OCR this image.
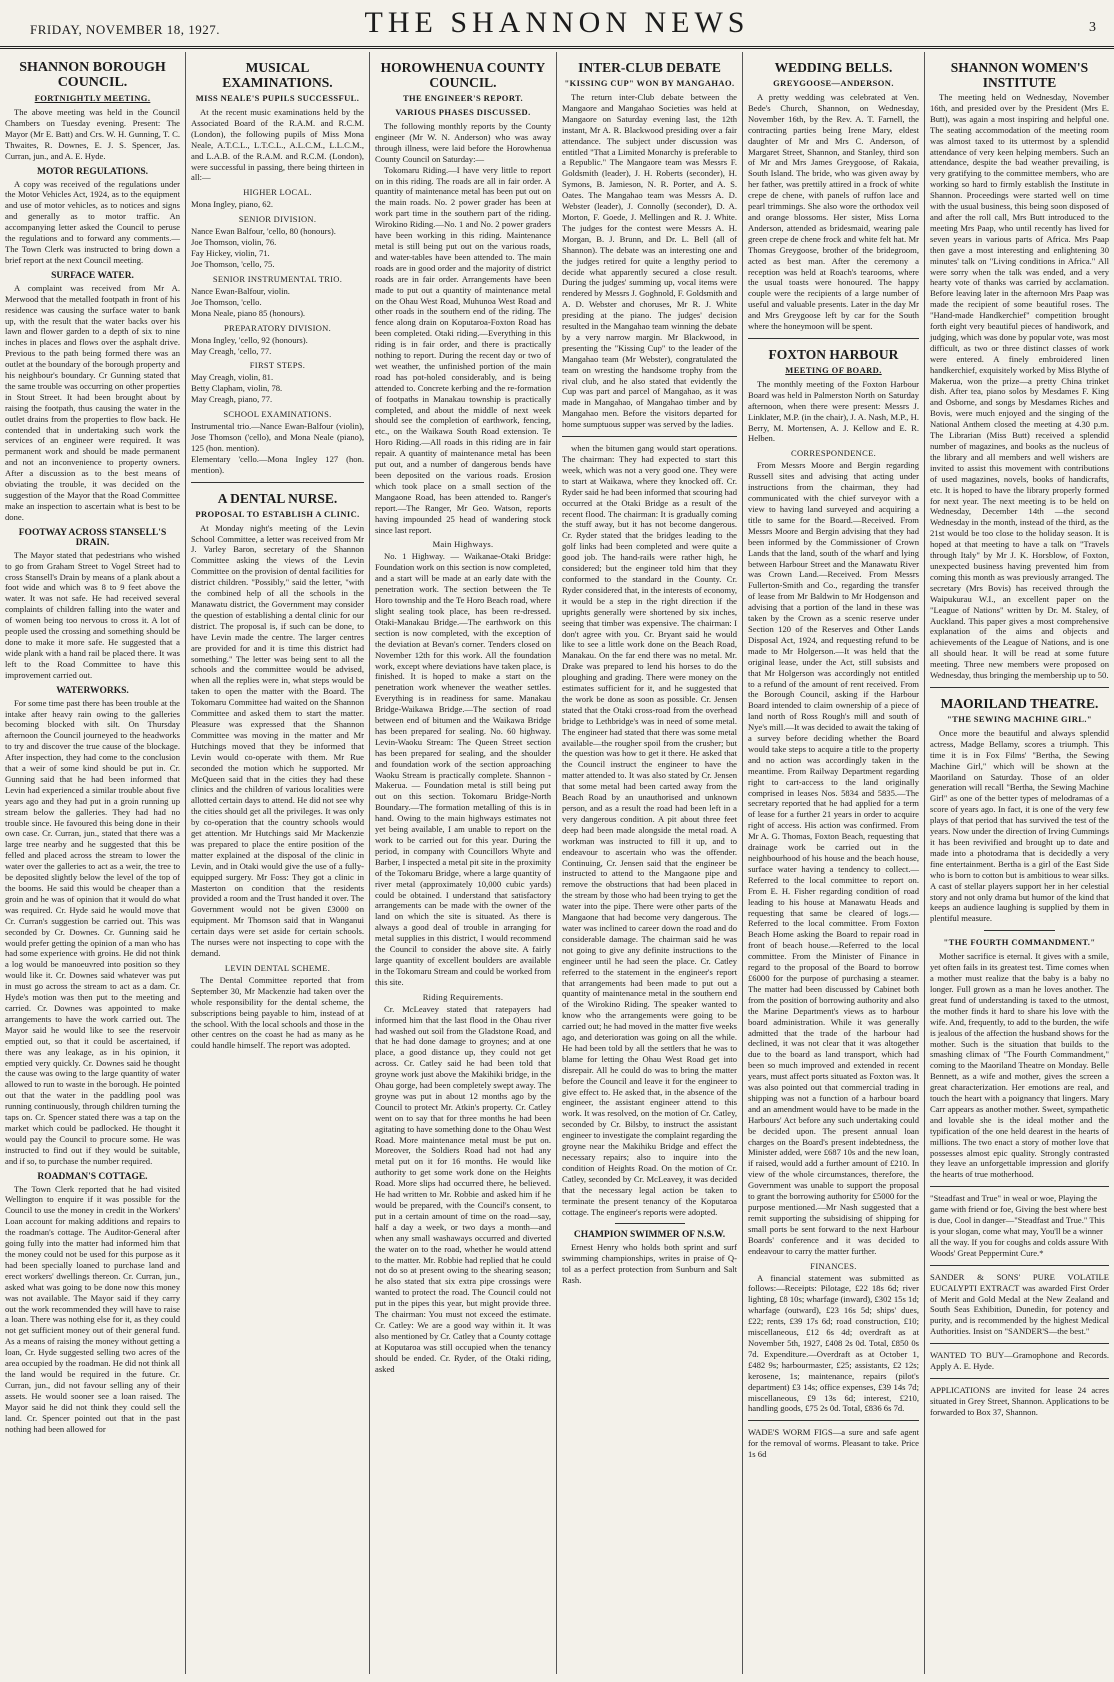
FRIDAY, NOVEMBER 18, 1927.	THE SHANNON NEWS	3
SHANNON BOROUGH COUNCIL.
FORTNIGHTLY MEETING.

The above meeting was held in the Council Chambers on Tuesday evening. Present: The Mayor (Mr E. Batt) and Crs. W. H. Gunning, T. C. Thwaites, R. Downes, E. J. S. Spencer, Jas. Curran, jun., and A. E. Hyde.

MOTOR REGULATIONS.

A copy was received of the regulations under the Motor Vehicles Act, 1924, as to the equipment and use of motor vehicles, as to notices and signs and generally as to motor traffic. An accompanying letter asked the Council to peruse the regulations and to forward any comments.—The Town Clerk was instructed to bring down a brief report at the next Council meeting.

SURFACE WATER.

A complaint was received from Mr A. Merwood that the metalled footpath in front of his residence was causing the surface water to bank up, with the result that the water backs over his lawn and flower garden to a depth of six to nine inches in places and flows over the asphalt drive. Previous to the path being formed there was an outlet at the boundary of the borough property and his neighbour's boundary. Cr Gunning stated that the same trouble was occurring on other properties in Stout Street. It had been brought about by raising the footpath, thus causing the water in the outlet drains from the properties to flow back. He contended that in undertaking such work the services of an engineer were required. It was permanent work and should be made permanent and not an inconvenience to property owners. After a discussion as to the best means of obviating the trouble, it was decided on the suggestion of the Mayor that the Road Committee make an inspection to ascertain what is best to be done.

FOOTWAY ACROSS STANSELL'S DRAIN.

The Mayor stated that pedestrians who wished to go from Graham Street to Vogel Street had to cross Stansell's Drain by means of a plank about a foot wide and which was 8 to 9 feet above the water. It was not safe. He had received several complaints of children falling into the water and of women being too nervous to cross it. A lot of people used the crossing and something should be done to make it more safe. He suggested that a wide plank with a hand rail be placed there. It was left to the Road Committee to have this improvement carried out.

WATERWORKS.

For some time past there has been trouble at the intake after heavy rain owing to the galleries becoming blocked with silt. On Thursday afternoon the Council journeyed to the headworks to try and discover the true cause of the blockage. After inspection, they had come to the conclusion that a weir of some kind should be put in. Cr. Gunning said that he had been informed that Levin had experienced a similar trouble about five years ago and they had put in a groin running up stream below the galleries. They had had no trouble since. He favoured this being done in their own case. Cr. Curran, jun., stated that there was a large tree nearby and he suggested that this be felled and placed across the stream to lower the water over the galleries to act as a weir, the tree to be deposited slightly below the level of the top of the booms. He said this would be cheaper than a groin and he was of opinion that it would do what was required. Cr. Hyde said he would move that Cr. Curran's suggestion be carried out. This was seconded by Cr. Downes. Cr. Gunning said he would prefer getting the opinion of a man who has had some experience with groins. He did not think a log would be manoeuvred into position so they would like it. Cr. Downes said whatever was put in must go across the stream to act as a dam. Cr. Hyde's motion was then put to the meeting and carried. Cr. Downes was appointed to make arrangements to have the work carried out. The Mayor said he would like to see the reservoir emptied out, so that it could be ascertained, if there was any leakage, as in his opinion, it emptied very quickly. Cr. Downes said he thought the cause was owing to the large quantity of water allowed to run to waste in the borough. He pointed out that the water in the paddling pool was running continuously, through children turning the taps on. Cr. Spencer stated there was a tap on the market which could be padlocked. He thought it would pay the Council to procure some. He was instructed to find out if they would be suitable, and if so, to purchase the number required.

ROADMAN'S COTTAGE.

The Town Clerk reported that he had visited Wellington to enquire if it was possible for the Council to use the money in credit in the Workers' Loan account for making additions and repairs to the roadman's cottage. The Auditor-General after going fully into the matter had informed him that the money could not be used for this purpose as it had been specially loaned to purchase land and erect workers' dwellings thereon. Cr. Curran, jun., asked what was going to be done now this money was not available. The Mayor said if they carry out the work recommended they will have to raise a loan. There was nothing else for it, as they could not get sufficient money out of their general fund. As a means of raising the money without getting a loan, Cr. Hyde suggested selling two acres of the area occupied by the roadman. He did not think all the land would be required in the future. Cr. Curran, jun., did not favour selling any of their assets. He would sooner see a loan raised. The Mayor said he did not think they could sell the land. Cr. Spencer pointed out that in the past nothing had been allowed for

MUSICAL EXAMINATIONS.
MISS NEALE'S PUPILS SUCCESSFUL.

At the recent music examinations held by the Associated Board of the R.A.M. and R.C.M. (London), the following pupils of Miss Mona Neale, A.T.C.L., L.T.C.L., A.L.C.M., L.L.C.M., and L.A.B. of the R.A.M. and R.C.M. (London), were successful in passing, there being thirteen in all:—

HIGHER LOCAL.

Mona Ingley, piano, 62.

SENIOR DIVISION.

Nance Ewan Balfour, 'cello, 80 (honours).

Joe Thomson, violin, 76.
Fay Hickey, violin, 71.
Joe Thomson, 'cello, 75.

SENIOR INSTRUMENTAL TRIO.

Nance Ewan-Balfour, violin.
Joe Thomson, 'cello.
Mona Neale, piano 85 (honours).

PREPARATORY DIVISION.

Mona Ingley, 'cello, 92 (honours).
May Creagh, 'cello, 77.

FIRST STEPS.

May Creagh, violin, 81.
Betty Clapham, violin, 78.
May Creagh, piano, 77.

SCHOOL EXAMINATIONS.

Instrumental trio.—Nance Ewan-Balfour (violin), Jose Thomson ('cello), and Mona Neale (piano), 125 (hon. mention).

Elementary 'cello.—Mona Ingley 127 (hon. mention).

A DENTAL NURSE.
PROPOSAL TO ESTABLISH A CLINIC.

At Monday night's meeting of the Levin School Committee, a letter was received from Mr J. Varley Baron, secretary of the Shannon Committee asking the views of the Levin Committee on the provision of dental facilities for district children. "Possibly," said the letter, "with the combined help of all the schools in the Manawatu district, the Government may consider the question of establishing a dental clinic for our district. The proposal is, if such can be done, to have Levin made the centre. The larger centres are provided for and it is time this district had something." The letter was being sent to all the schools and the committee would be advised, when all the replies were in, what steps would be taken to open the matter with the Board. The Tokomaru Committee had waited on the Shannon Committee and asked them to start the matter. Pleasure was expressed that the Shannon Committee was moving in the matter and Mr Hutchings moved that they be informed that Levin would co-operate with them. Mr Rue seconded the motion which he supported. Mr McQueen said that in the cities they had these clinics and the children of various localities were allotted certain days to attend. He did not see why the cities should get all the privileges. It was only by co-operation that the country schools would get attention. Mr Hutchings said Mr Mackenzie was prepared to place the entire position of the matter explained at the disposal of the clinic in Levin, and in Otaki would give the use of a fully-equipped surgery. Mr Foss: They got a clinic in Masterton on condition that the residents provided a room and the Trust handed it over. The Government would not be given £3000 on equipment. Mr Thomson said that in Wanganui certain days were set aside for certain schools. The nurses were not inspecting to cope with the demand.

LEVIN DENTAL SCHEME.

The Dental Committee reported that from September 30, Mr Mackenzie had taken over the whole responsibility for the dental scheme, the subscriptions being payable to him, instead of at the school. With the local schools and those in the other centres on the coast he had as many as he could handle himself. The report was adopted.

HOROWHENUA COUNTY COUNCIL.
THE ENGINEER'S REPORT.
VARIOUS PHASES DISCUSSED.

The following monthly reports by the County engineer (Mr W. N. Anderson) who was away through illness, were laid before the Horowhenua County Council on Saturday:—

Tokomaru Riding.—I have very little to report on in this riding. The roads are all in fair order. A quantity of maintenance metal has been put out on the main roads. No. 2 power grader has been at work part time in the southern part of the riding. Wirokino Riding.—No. 1 and No. 2 power graders have been working in this riding. Maintenance metal is still being put out on the various roads, and water-tables have been attended to. The main roads are in good order and the majority of district roads are in fair order. Arrangements have been made to put out a quantity of maintenance metal on the Ohau West Road, Muhunoa West Road and other roads in the southern end of the riding. The fence along drain on Koputaroa-Foxton Road has been completed. Otaki riding.—Everything in this riding is in fair order, and there is practically nothing to report. During the recent day or two of wet weather, the unfinished portion of the main road has pot-holed considerably, and is being attended to. Concrete kerbing and the re-formation of footpaths in Manakau township is practically completed, and about the middle of next week should see the completion of earthwork, fencing, etc., on the Waikawa South Road extension. Te Horo Riding.—All roads in this riding are in fair repair. A quantity of maintenance metal has been put out, and a number of dangerous bends have been deposited on the various roads. Erosion which took place on a small section of the Mangaone Road, has been attended to. Ranger's report.—The Ranger, Mr Geo. Watson, reports having impounded 25 head of wandering stock since last report.

Main Highways.

No. 1 Highway. — Waikanae-Otaki Bridge: Foundation work on this section is now completed, and a start will be made at an early date with the penetration work. The section between the Te Horo township and the Te Horo Beach road, where slight sealing took place, has been re-dressed. Otaki-Manakau Bridge.—The earthwork on this section is now completed, with the exception of the deviation at Bevan's corner. Tenders closed on November 12th for this work. All the foundation work, except where deviations have taken place, is finished. It is hoped to make a start on the penetration work whenever the weather settles. Everything is in readiness for same. Manakau Bridge-Waikawa Bridge.—The section of road between end of bitumen and the Waikawa Bridge has been prepared for sealing. No. 60 highway. Levin-Waoku Stream: The Queen Street section has been prepared for sealing, and the shoulder and foundation work of the section approaching Waoku Stream is practically complete. Shannon - Makerua. — Foundation metal is still being put out on this section. Tokomaru Bridge-North Boundary.—The formation metalling of this is in hand. Owing to the main highways estimates not yet being available, I am unable to report on the work to be carried out for this year. During the period, in company with Councillors Whyte and Barber, I inspected a metal pit site in the proximity of the Tokomaru Bridge, where a large quantity of river metal (approximately 10,000 cubic yards) could be obtained. I understand that satisfactory arrangements can be made with the owner of the land on which the site is situated. As there is always a good deal of trouble in arranging for metal supplies in this district, I would recommend the Council to consider the above site. A fairly large quantity of excellent boulders are available in the Tokomaru Stream and could be worked from this site.

Riding Requirements.

Cr. McLeavey stated that ratepayers had informed him that the last flood in the Ohau river had washed out soil from the Gladstone Road, and that he had done damage to groynes; and at one place, a good distance up, they could not get across. Cr. Catley said he had been told that groyne work just above the Makihiki bridge, in the Ohau gorge, had been completely swept away. The groyne was put in about 12 months ago by the Council to protect Mr. Atkin's property. Cr. Catley went on to say that for three months he had been agitating to have something done to the Ohau West Road. More maintenance metal must be put on. Moreover, the Soldiers Road had not had any metal put on it for 16 months. He would like authority to get some work done on the Heights Road. More slips had occurred there, he believed. He had written to Mr. Robbie and asked him if he would be prepared, with the Council's consent, to put in a certain amount of time on the road—say, half a day a week, or two days a month—and when any small washaways occurred and diverted the water on to the road, whether he would attend to the matter. Mr. Robbie had replied that he could not do so at present owing to the shearing season; he also stated that six extra pipe crossings were wanted to protect the road. The Council could not put in the pipes this year, but might provide three. The chairman: You must not exceed the estimate. Cr. Catley: We are a good way within it. It was also mentioned by Cr. Catley that a County cottage at Koputaroa was still occupied when the tenancy should be ended. Cr. Ryder, of the Otaki riding, asked

INTER-CLUB DEBATE
"KISSING CUP" WON BY MANGAHAO.

The return inter-Club debate between the Mangaore and Mangahao Societies was held at Mangaore on Saturday evening last, the 12th instant, Mr A. R. Blackwood presiding over a fair attendance. The subject under discussion was entitled "That a Limited Monarchy is preferable to a Republic." The Mangaore team was Messrs F. Goldsmith (leader), J. H. Roberts (seconder), H. Symons, B. Jamieson, N. R. Porter, and A. S. Oates. The Mangahao team was Messrs A. D. Webster (leader), J. Connolly (seconder), D. A. Morton, F. Goede, J. Mellingen and R. J. White. The judges for the contest were Messrs A. H. Morgan, B. J. Brunn, and Dr. L. Bell (all of Shannon). The debate was an interesting one and the judges retired for quite a lengthy period to decide what apparently secured a close result. During the judges' summing up, vocal items were rendered by Messrs J. Goghnold, F. Goldsmith and A. D. Webster and choruses, Mr R. J. White presiding at the piano. The judges' decision resulted in the Mangahao team winning the debate by a very narrow margin. Mr Blackwood, in presenting the "Kissing Cup" to the leader of the Mangahao team (Mr Webster), congratulated the team on wresting the handsome trophy from the rival club, and he also stated that evidently the Cup was part and parcel of Mangahao, as it was made in Mangahao, of Mangahao timber and by Mangahao men. Before the visitors departed for home sumptuous supper was served by the ladies.

when the bitumen gang would start operations. The chairman: They had expected to start this week, which was not a very good one. They were to start at Waikawa, where they knocked off. Cr. Ryder said he had been informed that scouring had occurred at the Otaki Bridge as a result of the recent flood. The chairman: It is gradually coming the stuff away, but it has not become dangerous. Cr. Ryder stated that the bridges leading to the golf links had been completed and were quite a good job. The hand-rails were rather high, he considered; but the engineer told him that they conformed to the standard in the County. Cr. Ryder considered that, in the interests of economy, it would be a step in the right direction if the uprights generally were shortened by six inches, seeing that timber was expensive. The chairman: I don't agree with you. Cr. Bryant said he would like to see a little work done on the Beach Road, Manakau. On the far end there was no metal. Mr. Drake was prepared to lend his horses to do the ploughing and grading. There were money on the estimates sufficient for it, and he suggested that the work be done as soon as possible. Cr. Jensen stated that the Otaki cross-road from the overhead bridge to Lethbridge's was in need of some metal. The engineer had stated that there was some metal available—the rougher spoil from the crusher; but the question was how to get it there. He asked that the Council instruct the engineer to have the matter attended to. It was also stated by Cr. Jensen that some metal had been carted away from the Beach Road by an unauthorised and unknown person, and as a result the road had been left in a very dangerous condition. A pit about three feet deep had been made alongside the metal road. A workman was instructed to fill it up, and to endeavour to ascertain who was the offender. Continuing, Cr. Jensen said that the engineer be instructed to attend to the Mangaone pipe and remove the obstructions that had been placed in the stream by those who had been trying to get the water into the pipe. There were other parts of the Mangaone that had become very dangerous. The water was inclined to career down the road and do considerable damage. The chairman said he was not going to give any definite instructions to the engineer until he had seen the place. Cr. Catley referred to the statement in the engineer's report that arrangements had been made to put out a quantity of maintenance metal in the southern end of the Wirokino Riding. The speaker wanted to know who the arrangements were going to be carried out; he had moved in the matter five weeks ago, and deterioration was going on all the while. He had been told by all the settlers that he was to blame for letting the Ohau West Road get into disrepair. All he could do was to bring the matter before the Council and leave it for the engineer to give effect to. He asked that, in the absence of the engineer, the assistant engineer attend to this work. It was resolved, on the motion of Cr. Catley, seconded by Cr. Bilsby, to instruct the assistant engineer to investigate the complaint regarding the groyne near the Makihiku Bridge and effect the necessary repairs; also to inquire into the condition of Heights Road. On the motion of Cr. Catley, seconded by Cr. McLeavey, it was decided that the necessary legal action be taken to terminate the present tenancy of the Koputaroa cottage. The engineer's reports were adopted.

CHAMPION SWIMMER OF N.S.W.

Ernest Henry who holds both sprint and surf swimming championships, writes in praise of Q-tol as a perfect protection from Sunburn and Salt Rash.

WEDDING BELLS.
GREYGOOSE—ANDERSON.

A pretty wedding was celebrated at Ven. Bede's Church, Shannon, on Wednesday, November 16th, by the Rev. A. T. Farnell, the contracting parties being Irene Mary, eldest daughter of Mr and Mrs C. Anderson, of Margaret Street, Shannon, and Stanley, third son of Mr and Mrs James Greygoose, of Rakaia, South Island. The bride, who was given away by her father, was prettily attired in a frock of white crepe de chene, with panels of ruffon lace and pearl trimmings. She also wore the orthodox veil and orange blossoms. Her sister, Miss Lorna Anderson, attended as bridesmaid, wearing pale green crepe de chene frock and white felt hat. Mr Thomas Greygoose, brother of the bridegroom, acted as best man. After the ceremony a reception was held at Roach's tearooms, where the usual toasts were honoured. The happy couple were the recipients of a large number of useful and valuable presents. Later in the day Mr and Mrs Greygoose left by car for the South where the honeymoon will be spent.

FOXTON HARBOUR
MEETING OF BOARD.

The monthly meeting of the Foxton Harbour Board was held in Palmerston North on Saturday afternoon, when there were present: Messrs J. Linklater, M.P. (in the chair), J. A. Nash, M.P., H. Berry, M. Mortensen, A. J. Kellow and E. R. Helben.

CORRESPONDENCE.

From Messrs Moore and Bergin regarding Russell sites and advising that acting under instructions from the chairman, they had communicated with the chief surveyor with a view to having land surveyed and acquiring a title to same for the Board.—Received. From Messrs Moore and Bergin advising that they had been informed by the Commissioner of Crown Lands that the land, south of the wharf and lying between Harbour Street and the Manawatu River was Crown Land.—Received. From Messrs Fullerton-Smith and Co., regarding the transfer of lease from Mr Baldwin to Mr Hodgenson and advising that a portion of the land in these was taken by the Crown as a scenic reserve under Section 120 of the Reserves and Other Lands Disposal Act, 1924, and requesting refund to be made to Mr Holgerson.—It was held that the original lease, under the Act, still subsists and that Mr Holgerson was accordingly not entitled to a refund of the amount of rent received. From the Borough Council, asking if the Harbour Board intended to claim ownership of a piece of land north of Ross Rough's mill and south of Nye's mill.—It was decided to await the taking of a survey before deciding whether the Board would take steps to acquire a title to the property and no action was accordingly taken in the meantime. From Railway Department regarding right to cart-access to the land originally comprised in leases Nos. 5834 and 5835.—The secretary reported that he had applied for a term of lease for a further 21 years in order to acquire right of access. His action was confirmed. From Mr A. G. Thomas, Foxton Beach, requesting that drainage work be carried out in the neighbourhood of his house and the beach house, surface water having a tendency to collect.—Referred to the local committee to report on. From E. H. Fisher regarding condition of road leading to his house at Manawatu Heads and requesting that same be cleared of logs.—Referred to the local committee. From Foxton Beach Home asking the Board to repair road in front of beach house.—Referred to the local committee. From the Minister of Finance in regard to the proposal of the Board to borrow £6000 for the purpose of purchasing a steamer. The matter had been discussed by Cabinet both from the position of borrowing authority and also the Marine Department's views as to harbour board administration. While it was generally admitted that the trade of the harbour had declined, it was not clear that it was altogether due to the board as land transport, which had been so much improved and extended in recent years, must affect ports situated as Foxton was. It was also pointed out that commercial trading in shipping was not a function of a harbour board and an amendment would have to be made in the Harbours' Act before any such undertaking could be decided upon. The present annual loan charges on the Board's present indebtedness, the Minister added, were £687 10s and the new loan, if raised, would add a further amount of £210. In view of the whole circumstances, therefore, the Government was unable to support the proposal to grant the borrowing authority for £5000 for the purpose mentioned.—Mr Nash suggested that a remit supporting the subsidising of shipping for small ports be sent forward to the next Harbour Boards' conference and it was decided to endeavour to carry the matter further.

FINANCES.

A financial statement was submitted as follows:—Receipts: Pilotage, £22 18s 6d; river lighting, £8 10s; wharfage (inward), £302 15s 1d; wharfage (outward), £23 16s 5d; ships' dues, £22; rents, £39 17s 6d; road construction, £10; miscellaneous, £12 6s 4d; overdraft as at November 5th, 1927, £408 2s 0d. Total, £850 0s 7d. Expenditure.—Overdraft as at October 1, £482 9s; harbourmaster, £25; assistants, £2 12s; kerosene, 1s; maintenance, repairs (pilot's department) £3 14s; office expenses, £39 14s 7d; miscellaneous, £9 13s 6d; interest, £210, handling goods, £75 2s 0d. Total, £836 6s 7d.

WADE'S WORM FIGS—a sure and safe agent for the removal of worms. Pleasant to take. Price 1s 6d

SHANNON WOMEN'S INSTITUTE

The meeting held on Wednesday, November 16th, and presided over by the President (Mrs E. Butt), was again a most inspiring and helpful one. The seating accommodation of the meeting room was almost taxed to its uttermost by a splendid attendance of very keen helping members. Such an attendance, despite the bad weather prevailing, is very gratifying to the committee members, who are working so hard to firmly establish the Institute in Shannon. Proceedings were started well on time with the usual business, this being soon disposed of and after the roll call, Mrs Butt introduced to the meeting Mrs Paap, who until recently has lived for seven years in various parts of Africa. Mrs Paap then gave a most interesting and enlightening 30 minutes' talk on "Living conditions in Africa." All were sorry when the talk was ended, and a very hearty vote of thanks was carried by acclamation. Before leaving later in the afternoon Mrs Paap was made the recipient of some beautiful roses. The "Hand-made Handkerchief" competition brought forth eight very beautiful pieces of handiwork, and judging, which was done by popular vote, was most difficult, as two or three distinct classes of work were entered. A finely embroidered linen handkerchief, exquisitely worked by Miss Blythe of Makerua, won the prize—a pretty China trinket dish. After tea, piano solos by Mesdames F. King and Osborne, and songs by Mesdames Riches and Bovis, were much enjoyed and the singing of the National Anthem closed the meeting at 4.30 p.m. The Librarian (Miss Butt) received a splendid number of magazines, and books as the nucleus of the library and all members and well wishers are invited to assist this movement with contributions of used magazines, novels, books of handicrafts, etc. It is hoped to have the library properly formed for next year. The next meeting is to be held on Wednesday, December 14th —the second Wednesday in the month, instead of the third, as the 21st would be too close to the holiday season. It is hoped at that meeting to have a talk on "Travels through Italy" by Mr J. K. Horsblow, of Foxton, unexpected business having prevented him from coming this month as was previously arranged. The secretary (Mrs Bovis) has received through the Waipukurau W.I., an excellent paper on the "League of Nations" written by Dr. M. Staley, of Auckland. This paper gives a most comprehensive explanation of the aims and objects and achievements of the League of Nations, and is one all should hear. It will be read at some future meeting. Three new members were proposed on Wednesday, thus bringing the membership up to 50.

MAORILAND THEATRE.
"THE SEWING MACHINE GIRL."

Once more the beautiful and always splendid actress, Madge Bellamy, scores a triumph. This time it is in Fox Films' "Bertha, the Sewing Machine Girl," which will be shown at the Maoriland on Saturday. Those of an older generation will recall "Bertha, the Sewing Machine Girl" as one of the better types of melodramas of a score of years ago. In fact, it is one of the very few plays of that period that has survived the test of the years. Now under the direction of Irving Cummings it has been revivified and brought up to date and made into a photodrama that is decidedly a very fine entertainment. Bertha is a girl of the East Side who is born to cotton but is ambitious to wear silks. A cast of stellar players support her in her celestial story and not only drama but humor of the kind that keeps an audience laughing is supplied by them in plentiful measure.

"THE FOURTH COMMANDMENT."

Mother sacrifice is eternal. It gives with a smile, yet often fails in its greatest test. Time comes when a mother must realize that the baby is a baby no longer. Full grown as a man he loves another. The great fund of understanding is taxed to the utmost, the mother finds it hard to share his love with the wife. And, frequently, to add to the burden, the wife is jealous of the affection the husband shows for the mother. Such is the situation that builds to the smashing climax of "The Fourth Commandment," coming to the Maoriland Theatre on Monday. Belle Bennett, as a wife and mother, gives the screen a great characterization. Her emotions are real, and touch the heart with a poignancy that lingers. Mary Carr appears as another mother. Sweet, sympathetic and lovable she is the ideal mother and the typification of the one held dearest in the hearts of millions. The two enact a story of mother love that possesses almost epic quality. Strongly contrasted they leave an unforgettable impression and glorify the hearts of true motherhood.

"Steadfast and True" in weal or woe, Playing the game with friend or foe, Giving the best where best is due, Cool in danger—"Steadfast and True." This is your slogan, come what may, You'll be a winner all the way. If you for coughs and colds assure With Woods' Great Peppermint Cure.*

SANDER & SONS' PURE VOLATILE EUCALYPTI EXTRACT was awarded First Order of Merit and Gold Medal at the New Zealand and South Seas Exhibition, Dunedin, for potency and purity, and is recommended by the highest Medical Authorities. Insist on "SANDER'S—the best."

WANTED TO BUY—Gramophone and Records. Apply A. E. Hyde.

APPLICATIONS are invited for lease 24 acres situated in Grey Street, Shannon. Applications to be forwarded to Box 37, Shannon.
